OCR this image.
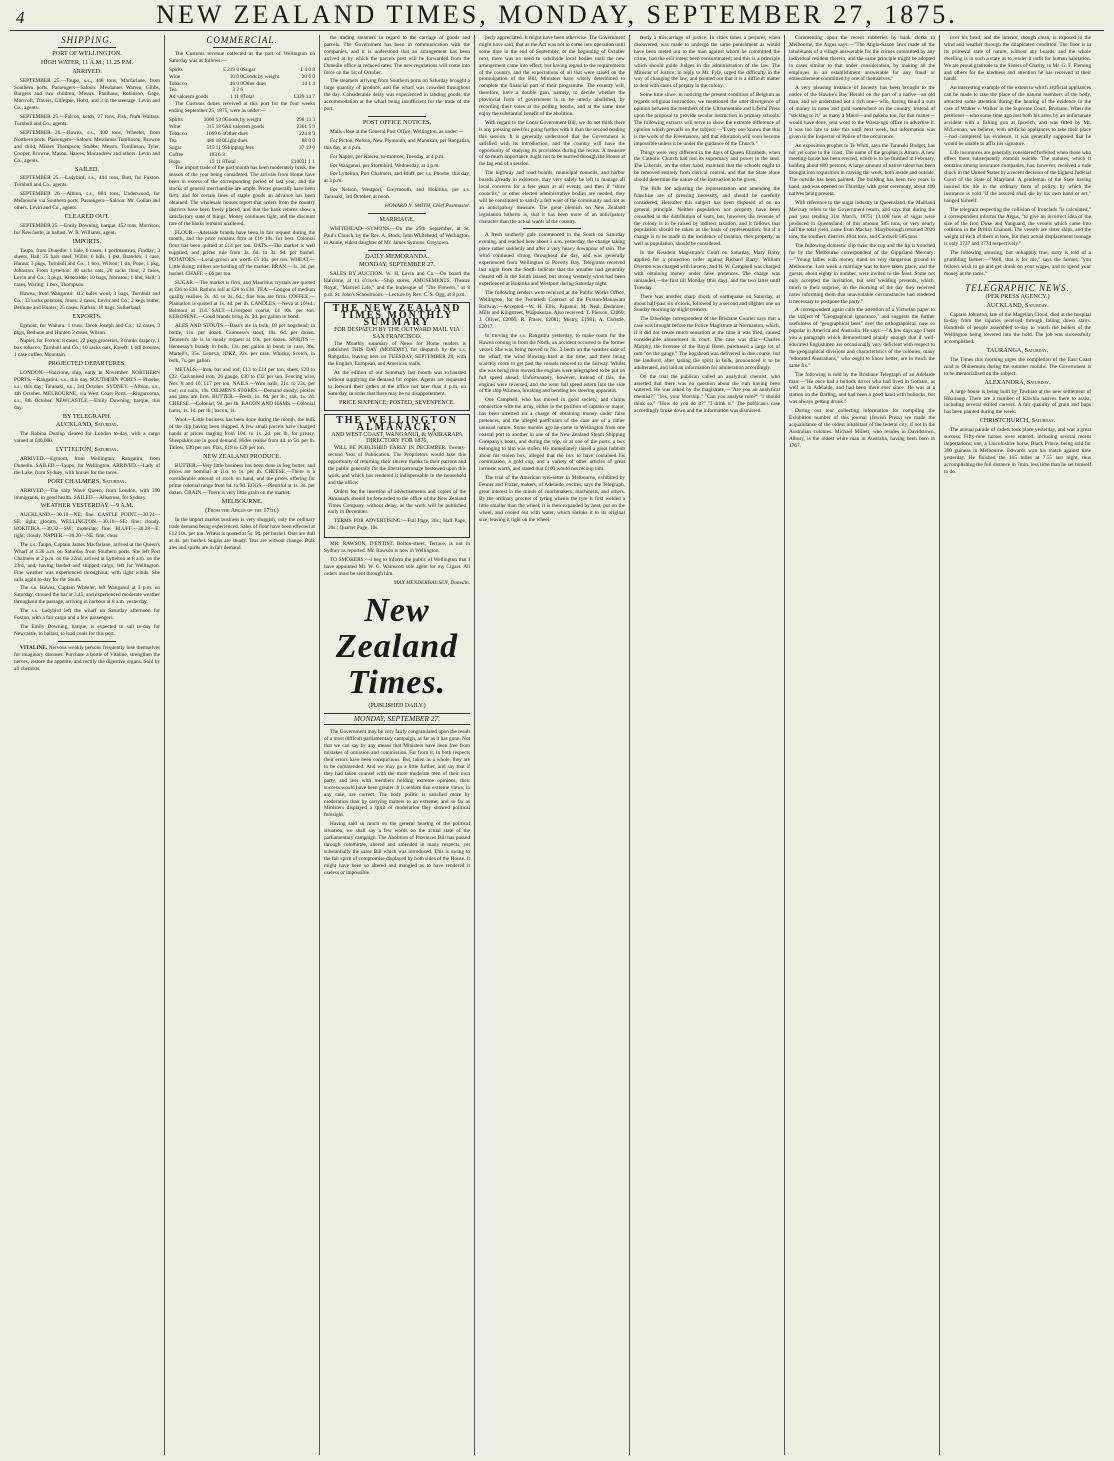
4	NEW ZEALAND TIMES, MONDAY, SEPTEMBER 27, 1875.
SHIPPING.
PORT OF WELLINGTON.
HIGH WATER, 11 A.M.; 11.25 P.M.
ARRIVED.

SEPTEMBER 25.—Taupo, s.s., 448 tons, Macfarlane, from Southern ports. Passengers—Saloon: Mesdames Warren, Gibbs, Burgess and two children, Messrs. Paulhaus, Robinson, Gage, Marcroft, Travers, Gillespie, Holst, and 3 in the steerage. Levin and Co., agents.

SEPTEMBER 25.—Falcon, ketch, 27 tons, Fisk, from Waitara. Turnbull and Co., agents.

SEPTEMBER 26.—Hawea, s.s., 400 tons, Wheeler, from Northern ports. Passengers—Saloon: Mesdames Tomlinson, Browne and child, Misses Thompson, Stubbs; Messrs. Tomlinson, Tyler, Cooper, Browne, Mason, Hawes, Macandrew and others. Levin and Co., agents.

SAILED.

SEPTEMBER 25.—Ladybird, s.s., 444 tons, Butt, for Foxton. Turnbull and Co., agents.

SEPTEMBER 26.—Albion, s.s., 804 tons, Underwood, for Melbourne via Southern ports. Passengers—Saloon: Mr. Gollan and others. Levin and Co., agents.

CLEARED OUT.

SEPTEMBER 25.—Emily Downing, barque, 452 tons, Morrison, for Newcastle, in ballast. W. R. Williams, agent.

IMPORTS.

Taupo, from Dunedin: 1 bale, 6 cases, 1 portmanteau, Findlay; 3 sheets, Hall; 25 bars steel, Willis; 6 bdls, 1 pkt, Brandon; 1 case, Hanna; 3 pkgs, Turnbull and Co.; 1 box, Wilson; 1 tin, Pope; 1 pkg, Johnston. From Lyttelton: 40 sacks oats, 20 sacks flour, 2 cases, Levin and Co.; 3 pkgs, Kirkcaldie; 10 bags, Johnston; 1 hhd, Hall; 3 cases, Waring; 1 box, Thompson.

Hawea, from Wanganui: 112 bales wool, 3 bags, Turnbull and Co.; 33 sacks potatoes, Jones; 2 cases, Levin and Co.; 2 kegs butter, Bethune and Hunter; 25 cases, Nathan; 10 bags, Sutherland.

EXPORTS.

Egmont, for Waitara: 1 truss, Jacob Joseph and Co.; 12 cases, 3 pkgs, Bethune and Hunter; 2 cases, Wilson.

Napier, for Foxton: 8 cases, 22 pkgs groceries, 3 trunks drapery, 1 box tobacco, Turnbull and Co.; 10 sacks oats, Kreeft; 1 bdl brooms, 1 case coffee, Mountain.

PROJECTED DEPARTURES.

LONDON.—Halcione, ship, early in November. NORTHERN PORTS.—Rangatira, s.s., this day. SOUTHERN PORTS.—Phoebe, s.s., this day; Taranaki, s.s., 3rd October. SYDNEY.—Albion, s.s., 4th October. MELBOURNE, via West Coast Ports.—Ringarooma, s.s., 8th October. NEWCASTLE.—Emily Downing, barque, this day.

BY TELEGRAPH.
AUCKLAND, Saturday.

The Robina Dunlop cleared for London to-day, with a cargo valued at £40,000.

LYTTELTON, Saturday.

ARRIVED.—Egmont, from Wellington; Rangatira, from Dunedin. SAILED.—Taupo, for Wellington. ARRIVED.—Lady of the Lake, from Sydney, with horses for the races.

PORT CHALMERS, Saturday.

ARRIVED.—The ship Wave Queen, from London, with 390 immigrants, in good health. SAILED.—Albatross, for Sydney.

WEATHER YESTERDAY.—9 A.M.

AUCKLAND.—30.10—NE; fine. CASTLE POINT.—30.24—SE; light; gloomy. WELLINGTON.—30.18—SE; fine; cloudy. HOKITIKA.—30.32—SW; moderate; fine. BLUFF.—30.28—E; light; cloudy. NAPIER.—30.20—NE; fine; clear.

The s.s. Taupo, Captain James Macfarlane, arrived at the Queen's Wharf at 4.30 a.m. on Saturday from Southern ports. She left Port Chalmers at 2 p.m. on the 22nd, arrived at Lyttelton at 8 a.m. on the 23rd, and, having landed and shipped cargo, left for Wellington. Fine weather was experienced throughout, with light winds. She sails again to-day for the South.

The s.s. Hawea, Captain Wheeler, left Wanganui at 3 p.m. on Saturday, crossed the bar at 3.45, and experienced moderate weather throughout the passage, arriving in harbour at 8 a.m. yesterday.

The s.s. Ladybird left the wharf on Saturday afternoon for Foxton, with a fair cargo and a few passengers.

The Emily Downing, barque, is expected to sail to-day for Newcastle, in ballast, to load coals for this port.

VITALINE. Nervous weakly persons frequently lose themselves for imaginary diseases. Purchase a bottle of Vitaline, strengthen the nerves, restore the appetite, and rectify the digestive organs. Sold by all chemists.

COMMERCIAL.

The Customs revenue collected at the port of Wellington on Saturday was as follows:—

Spirits	£ 219 0 0	Sugar	£ 4 0 8
Wine	10 0 0	Goods by weight	20 6 0
Tobacco	46 0 0	Other dues	14 1 4
Tea	3 2 6		
Ad valorem goods	1 11 8	Total	£329 14 7

The Customs duties received at this port for the four weeks ending September 25, 1875, were as under:—

Spirits	3060 13 0	Goods by weight	298 13 3
Wine	315 18 6	Ad valorem goods	2361 5 9
Tobacco	1069 6 4	Other dues	224 8 9
Tea	486 18 0	Light dues	88 0 0
Sugar	515 11 9	Shipping fees	37 19 0
Coffee	193 6 3		
Hops	13 11 8	Total	£10031 1 1

The import trade of the past month has been moderately brisk, the season of the year being considered. The arrivals from Home have been in excess of the corresponding period of last year, and the stocks of general merchandise are ample. Prices generally have been firm, and for certain lines of staple goods an advance has been obtained. The wholesale houses report that orders from the country districts have been freely placed, and that the bank returns show a satisfactory state of things. Money continues tight, and the discount rate of the banks remains unaltered.

FLOUR.—Adelaide brands have been in fair request during the month, and the price remains firm at £16 10s. for best. Colonial flour has been quitted at £14 per ton. OATS.—The market is well supplied, and prices rule from 3s. 6d. to 3s. 9d. per bushel. POTATOES.—Local-grown are worth £5 10s. per ton. WHEAT.—Little doing; millers are holding off the market. BRAN.—1s. 3d. per bushel. CHAFF.—£6 per ton.

SUGAR.—The market is firm, and Mauritius crystals are quoted at £36 to £38. Rations sell at £28 to £30. TEA.—Congou of medium quality realises 2s. 4d. to 2s. 6d.; fine teas are firm. COFFEE.—Plantation is quoted at 1s. 4d. per lb. CANDLES.—Neva at 10¾d.; Belmont at 11d. SALT.—Liverpool coarse, £4 10s. per ton. KEROSENE.—Good brands bring 2s. 3d. per gallon in bond.

ALES AND STOUTS.—Bass's ale in bulk, £8 per hogshead; in bottle, 11s. per dozen. Guinness's stout, 10s. 6d. per dozen. Tennent's ale is in steady request at 10s. per dozen. SPIRITS.—Hennessy's brandy in bulk, 13s. per gallon in bond; in case, 36s. Martell's, 35s. Geneva, JDKZ, 22s. per case. Whisky, Scotch, in bulk, 7s. per gallon.

METALS.—Iron, bar and rod, £13 to £14 per ton; sheet, £20 to £22. Galvanised iron, 26 gauge, £30 to £32 per ton. Fencing wire, Nos. 8 and 10, £17 per ton. NAILS.—Wire nails, 21s. to 23s. per cwt; cut nails, 19s. OILMEN'S STORES.—Demand steady; pickles and jams are firm. BUTTER.—Fresh, 1s. 6d. per lb.; salt, 1s. 2d. CHEESE.—Colonial, 9d. per lb. BACON AND HAMS.—Colonial hams, 1s. 1d. per lb.; bacon, 1s.

Wool.—Little business has been done during the month, the bulk of the clip having been shipped. A few small parcels have changed hands at prices ranging from 10d. to 1s. 2d. per lb. for greasy. Sheepskins are in good demand. Hides realise from 4d. to 5d. per lb. Tallow, £30 per ton. Flax, £18 to £20 per ton.

NEW ZEALAND PRODUCE.

BUTTER.—Very little business has been done in keg butter, and prices are nominal at 11d. to 1s. per lb. CHEESE.—There is a considerable amount of stock on hand, and the prices offering for prime colonial range from 8d. to 9d. EGGS.—Plentiful at 1s. 3d. per dozen. GRAIN.—There is very little grain on the market.

MELBOURNE.
(From the Argus of the 17th.)

In the import market business is very sluggish, only the ordinary trade demand being experienced. Sales of flour have been effected at £12 10s. per ton. Wheat is quoted at 5s. 9d. per bushel. Oats are dull at 4s. per bushel. Sugars are steady. Teas are without change. Bulk ales and spirits are in fair demand.

the trading steamers in regard to the carriage of goods and parcels. The Government has been in communication with the companies, and it is understood that an arrangement has been arrived at by which the parcels post will be forwarded from the Dunedin office at reduced rates. The new regulations will come into force on the 1st of October.

The steamers arriving from Southern ports on Saturday brought a large quantity of produce, and the wharf was crowded throughout the day. Considerable delay was experienced in landing goods, the accommodation at the wharf being insufficient for the trade of the port.

POST OFFICE NOTICES.

Mails close at the General Post Office, Wellington, as under:—

For Picton, Nelson, New Plymouth, and Manukau, per Rangatira, this day, at 4 p.m.

For Napier, per Hawea, to-morrow, Tuesday, at 4 p.m.

For Wanganui, per Stormbird, Wednesday, at 4 p.m.

For Lyttelton, Port Chalmers, and Bluff, per s.s. Phoebe, this day, at 3 p.m.

For Nelson, Westport, Greymouth, and Hokitika, per s.s. Taranaki, 3rd October, at noon.

HOWARD N. SMITH, Chief Postmaster.
MARRIAGE.

WHITEHEAD—SYMONS.—On the 25th September, at St. Paul's Church, by the Rev. A. Stock, John Whitehead, of Wellington, to Annie, eldest daughter of Mr. James Symons, Greytown.

DAILY MEMORANDA.
MONDAY, SEPTEMBER 27.

SALES BY AUCTION. W. H. Levin and Co.—On board the Halcione, at 11 o'clock,—Ship stores. AMUSEMENTS. Theatre Royal, "Married Life," and the burlesque of "The Flowers," at 8 p.m. St. John's Schoolroom.—Lecture by Rev. C. S. Ogg, at 8 p.m.

THE NEW ZEALAND TIMES MONTHLY SUMMARY
FOR DESPATCH BY THE OUTWARD MAIL VIA SAN FRANCISCO.

The Monthly summary of News for Home readers is published THIS DAY (MONDAY), for despatch by the s.s. Rangatira, leaving here on TUESDAY, SEPTEMBER 28, with the English, European, and American mails.

As the edition of our Summary last month was exhausted without supplying the demand for copies, Agents are requested to forward their orders at the office not later than 4 p.m. on Saturday, in order that there may be no disappointment.

PRICE SIXPENCE; POSTED, SEVENPENCE.
THE WELLINGTON ALMANACK,
AND WEST COAST, WANGANUI, & WAIRARAPA DIRECTORY FOR 1876,

WILL BE PUBLISHED EARLY IN DECEMBER. Twenty-second Year of Publication. The Proprietors would take this opportunity of returning their sincere thanks to their patrons and the public generally for the liberal patronage bestowed upon this work, and which has rendered it indispensable in the household and the office.

Orders for the insertion of advertisements and copies of the Almanack should be forwarded to the office of the New Zealand Times Company, without delay, as the work will be published early in December.

TERMS FOR ADVERTISING:—Full Page, 30s.; Half Page, 20s.; Quarter Page, 10s.

MR. RAWSON, D'ENTIST, Bolton-street, Terrace, is not in Sydney as reported. Mr. Rawson is now in Wellington.

TO SMOKERS.—I beg to inform the public of Wellington that I have appointed Mr. W. G. Wainscott sole agent for my Cigars. All orders must be sent through him.

MAX MENDERHAUSEN, Dunedin.
New Zealand Times.
(PUBLISHED DAILY.)
MONDAY, SEPTEMBER 27.

The Government may be very fairly congratulated upon the result of a most difficult parliamentary campaign, as far as it has gone. Not that we can say by any means that Ministers have been free from mistakes of omission and commission. Far from it; in both respects their errors have been conspicuous. But, taken as a whole, they are to be commended. And we may go a little further, and say that if they had taken counsel with the more moderate men of their own party, and less with members holding extreme opinions, their success would have been greater. It is seldom that extreme views, in any case, are correct. The body politic is satisfied more by moderation than by carrying matters to an extreme; and so far as Ministers displayed a spirit of moderation they showed political foresight.

Having said so much on the general bearing of the political situation, we shall say a few words on the actual state of the parliamentary campaign. The Abolition of Provinces Bill has passed through committee, altered and amended in many respects, yet substantially the same Bill which was introduced. This is owing to the fair spirit of compromise displayed by both sides of the House. It might have been so altered and mangled as to have rendered it useless or impossible.

perly appreciated. It might have been otherwise. The Government might have said, that as the Act was not to come into operation until some time in the end of September, or the beginning of October next, there was no need to subdivide local bodies until the new arrangement came into effect; but having regard to the requirements of the country, and the expectations of all that were raised on the promulgation of the Bill, Ministers have wisely determined to complete the financial part of their programme. The country will, therefore, have a double gain, namely, to decide whether the provincial form of government is to be utterly abolished, by recording their votes at the polling booths, and at the same time enjoy the substantial benefit of the abolition.

With regard to the Local Government Bill, we do not think there is any pressing need for going further with it than the second reading this session. It is generally understood that the Government is satisfied with its introduction, and the country will have the opportunity of studying its provisions during the recess. A measure of so much importance ought not to be hurried through the House at the fag end of a session.

The highway and road boards, municipal councils, and harbor boards already in existence, may very safely be left to manage all local concerns for a few years at all events; and then if "shire councils," or other elected administrative bodies are needed, they will be constituted to satisfy a felt want of the community and not as an anticipatory measure. The great blemish on New Zealand legislation hitherto is, that it has been more of an anticipatory character than the actual wants of the country.

A fresh southerly gale commenced in the South on Saturday evening, and reached here about 3 a.m. yesterday, the change taking place rather suddenly and after a very heavy downpour of rain. The wind continued strong throughout the day, and was generally experienced from Wellington to Poverty Bay. Telegrams received last night from the South indicate that the weather had generally cleared off in the South Island, but strong westerly wind had been experienced at Hokitika and Westport during Saturday night.

The following tenders were received at the Public Works Office, Wellington, for the Twentieth Contract of the Foxton-Manawatu Railway:—Accepted—W. H. Ellis, Papanui; M. Neal, Dedmore; Mills and Kingstreet, Waipukurau. Also received: T. Pierson, £2060; J. Oliver, £2000; R. Fraser, £2081; Mistry, £1981; A. Christie, £2017.

In moving the s.s. Rangatira yesterday, to make room for the Hawea coming in from the North, an accident occurred to the former vessel. She was being moved to No. 3 berth on the weather side of the wharf, the wind blowing hard at the time, and there being scarcely room to get past the vessels moored to the fairway. Whilst she was being thus moved the engines were telegraphed to be put on full speed ahead. Unfortunately, however, instead of this, the engines were reversed, and she went full speed astern into the side of the ship Waimea, breaking and bending her steering apparatus.

One Campbell, who has moved in good society, and claims connection with the army, either in the position of captain or major, has been arrested on a charge of obtaining money under false pretences, and the alleged particulars of the case are of a rather unusual nature. Some months ago he came to Wellington from one coastal port to another in one of the New Zealand Steam Shipping Company's boats, and during the trip, or at one of the ports, a box belonging to him was stolen. He immediately raised a great hubbub about his stolen box, alleged that the box to have contained his commission, a gold cup, and a variety of other articles of great intrinsic worth, and stated that £100 would not recoup him.

The trial of the American tyre-setter in Melbourne, exhibited by Fenner and Frazer, makers, of Adelaide, excites, says the Telegraph, great interest in the minds of coachmakers, machinists, and others. By the ordinary process of tyring wheels the tyre is first welded a little smaller than the wheel; it is then expanded by heat, put on the wheel, and cooled out with water, which shrinks it to its original size, leaving it tight on the wheel.

festly a miscarriage of justice. In cities times a perjurer, when discovered, was made to undergo the same punishment as would have been meted out to the man against whom he committed the crime, had the evil intent been consummated; and this is a principle which should guide Judges in the administration of the law. The Minister of Justice, in reply to Mr. Fyfe, urged the difficulty in the way of changing the law, and pointed out that it is a difficult matter to deal with cases of perjury in the colony.

Some time since, in noticing the present condition of Belgium as regards religious instruction, we mentioned the utter divergence of opinion between the members of the Ultramontane and Liberal Press upon the proposal to provide secular instruction in primary schools. The following extracts will serve to show the extreme difference of opinion which prevails on the subject:—"Every one knows that this is the work of the Freemasons, and that education will soon become impossible unless it be under the guidance of the Church."

Things were very different in the days of Queen Elizabeth, when the Catholic Church had lost its supremacy and power in the land. The Liberals, on the other hand, maintain that the schools ought to be removed entirely from clerical control, and that the State alone should determine the nature of the instruction to be given.

The Bills for adjusting the representation and amending the franchise are of pressing necessity, and should be carefully considered. Hereafter this subject has been disposed of on no general principle. Neither population nor property have been consulted in the distribution of seats, but, however, the revenue of the colony is to be raised by indirect taxation, and it follows that population should be taken as the basis of representation; but if a change is to be made in the incidence of taxation, then property, as well as population, should be considered.

In the Resident Magistrate's Court on Saturday, Mary Barry applied for a protection order against Richard Barry; William Overton was charged with larceny; and H. W. Campbell was charged with obtaining money under false pretences. The charge was remanded,—the first till Monday (this day), and the two latter until Tuesday.

There was another sharp shock of earthquake on Saturday, at about half-past six o'clock, followed by a second and slighter one on Sunday morning by slight tremors.

The Etheridge correspondent of the Brisbane Courier says that a case was brought before the Police Magistrate at Normanton, which, if it did not create much sensation at the time it was tried, caused considerable amusement in court. The case was this:—Charles Murphy, the licensee of the Royal Hotel, purchased a large lot of rum "on the gauge." The hogshead was delivered in due course, but the landlord, after tasting the spirit in bulk, pronounced it to be adulterated, and laid an information for adulteration accordingly.

On the trial the publican called an analytical chemist, who asserted that there was no question about the rum having been watered. He was asked by the magistrate,—"Are you an analytical chemist?" "Yes, your Worship." "Can you analyse rum?" "I should think so." "How do you do it?" "I drink it." The publican's case accordingly broke down and the information was dismissed.

Commenting upon the recent robberies by bank clerks in Melbourne, the Argus says:—"The Anglo-Saxon laws made all the inhabitants of a village answerable for the crimes committed by any individual resident therein, and the same principle might be adopted in cases similar to that under consideration, by making all the employes in an establishment answerable for any fraud or embezzlement committed by one of themselves."

A very pleasing instance of honesty has been brought to the notice of the Hawke's Bay Herald on the part of a native—an old man, and we understand not a rich one—who, having found a sum of money in notes and gold somewhere on the country, instead of "sticking to it," as many a Maori—and pakeha too, for that matter—would have done, sent word to the Wawa-ngo office to advertise it. It was too late to take this until next week, but information was given to the Inspector of Police of the occurrence.

An exposition prophet to Te Whiti, says the Taranaki Budget, has not yet come to the coast. The name of the prophet is Amaru. A new meeting-house has been erected, which is to be finished in February, holding about 800 persons. A large amount of native talent has been brought into requisition in carving the work, both inside and outside. The outside has been painted. The building has been two years in hand, and was opened on Thursday with great ceremony, about 400 natives being present.

With reference to the sugar industry in Queensland, the Maitland Mercury refers to the Government return, and says that during the past year (ending 31st March, 1875) 13,108 tons of sugar were produced in Queensland; of this amount 585 tons, or very nearly half the total yield, came from Mackay. Maryborough returned 2026 tons, the southern districts 4844 tons, and Cardwell 585 tons.

The following domestic slip twist the cup and the lip is vouched for by the Melbourne correspondent of the Gippsland Mercury:—"Young ladies with money stand on very dangerous ground in Melbourne. Last week a marriage was to have taken place, and the guests, about eighty in number, were invited to the feast. Some not only accepted the invitation, but sent wedding presents, which, much to their surprise, on the morning of the day they received notes informing them that unavoidable circumstances had rendered it necessary to postpone the party."

A correspondent again calls the attention of a Victorian paper to the subject of "Geographical ignorance," and suggests the further usefulness of "geographical bees" over the orthographical, now so popular in America and Australia. He says:—"A few days ago I sent you a paragraph which demonstrated plainly enough that if well-educated Englishmen are occasionally very deficient with respect to the geographical divisions and characteristics of the colonies, many "educated Australians," who ought to know better, are in much the same fix."

The following is told by the Brisbane Telegraph of an Adelaide man:—"He once had a bullock driver who had lived in Gotham, as well as in Adelaide, and had been there ever since. He was at a station on the Darling, and had been a good hand with bullocks, but was always getting drunk."

During our tour collecting information for compiling the Exhibition number of this journal (Jewish Press) we made the acquaintance of the oldest inhabitant of the federal city, if not in the Australian colonies. Michael Millett, who resides in Davidstown, Albury, is the oldest white man in Australia, having been born in 1767.

over his head, and the interior, though clean, is exposed to the wind and weather through the dilapidated condition. The floor is in its primeval state of nature, without any boards, and the whole dwelling is in such a state as to render it unfit for human habitation. We are proud gratitude to the Sisters of Charity, to Mr. G. F. Fleming and others for the kindness and attention he has received at their hands.

An interesting example of the extent to which artificial appliances can be made to take the place of the natural members of the body, attracted some attention during the hearing of the evidence in the case of Walker v. Walker in the Supreme Court, Brisbane. When the petitioner—who some time ago lost both his arms by an unfortunate accident with a fishing gun at Ipswich, and was fitted by Mr. McLennan, we believe, with artificial appliances to take their place—had completed his evidence, it was generally supposed that he would be unable to affix his signature.

Life insurances are generally considered forfeited when those who effect them subsequently commit suicide. The statutes, which it contains among insurance companies, has, however, received a rude shock in the United States by a recent decision of the highest Judicial Court of the State of Maryland. A gentleman of the State having insured his life in the ordinary form of policy, by which the insurance is void "if the assured shall die by his own hand or act," hanged himself.

The telegram respecting the collision of Ironclads "is calculated," a correspondent informs the Argus, "to give an incorrect idea of the size of the Iron Duke and Vanguard, the vessels which came into collision in the British Channel. The vessels are sister ships, and the weight of each of them in tons, but their actual displacement tonnage is only 3737 and 3774 respectively."

The following amusing, but unhappily true, story is told of a grumbling farmer:—"Well, that is for me," says the farmer, "you fellows wish to go and get drunk on your wages, and to spend your money at the races."

TELEGRAPHIC NEWS.
(PER PRESS AGENCY.)
AUCKLAND, Saturday.

Captain Johnston, late of the Magellan Cloud, died at the hospital to-day from the injuries received through falling down stairs. Hundreds of people assembled to-day to watch the boilers of the Wellington being lowered into the hold. The job was successfully accomplished.

TAURANGA, Saturday.

The Times this morning urges the completion of the East Coast road to Ohinemutu during the summer months. The Government is to be memorialised on the subject.

ALEXANDRA, Saturday.

A large house is being built by Tawhiao at the new settlement of Hikurangi. There are a number of Kawhia natives there to assist, including several skilled carvers. A fair quantity of grain and hops has been planted during the week.

CHRISTCHURCH, Saturday.

The annual parade of cadets took place yesterday, and was a great success. Fifty-nine horses were entered, including several recent importations; one, a Lincolnshire horse, Black Prince, being sold for 300 guineas in Melbourne. Edwards won his match against time yesterday. He finished the 105 miles at 7.55 last night, thus accomplishing the full distance in 7min. less time than he set himself to do.
